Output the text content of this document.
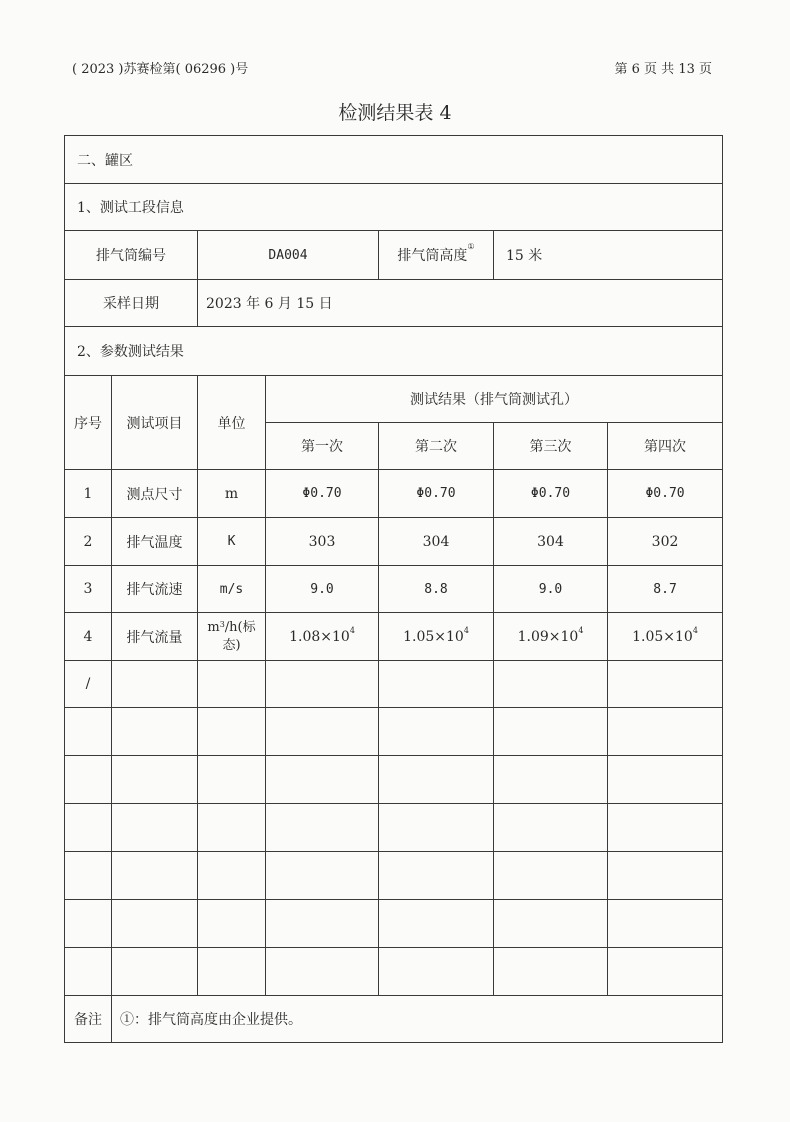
( 2023 )苏赛检第( 06296 )号	第 6 页 共 13 页
检测结果表 4
二、罐区						
1、测试工段信息						
排气筒编号		DA004		排气筒高度①	15 米	
采样日期		2023 年 6 月 15 日				
2、参数测试结果						
序号	测试项目	单位	测试结果（排气筒测试孔）			
			第一次	第二次	第三次	第四次
1	测点尺寸	m	Φ0.70	Φ0.70	Φ0.70	Φ0.70
2	排气温度	K	303	304	304	302
3	排气流速	m/s	9.0	8.8	9.0	8.7
4	排气流量	$m^3/h$(标态)	$1.08\times 10^4$	$1.05\times 10^4$	$1.09\times 10^4$	$1.05\times 10^4$
/						

备注	①：排气筒高度由企业提供。					
